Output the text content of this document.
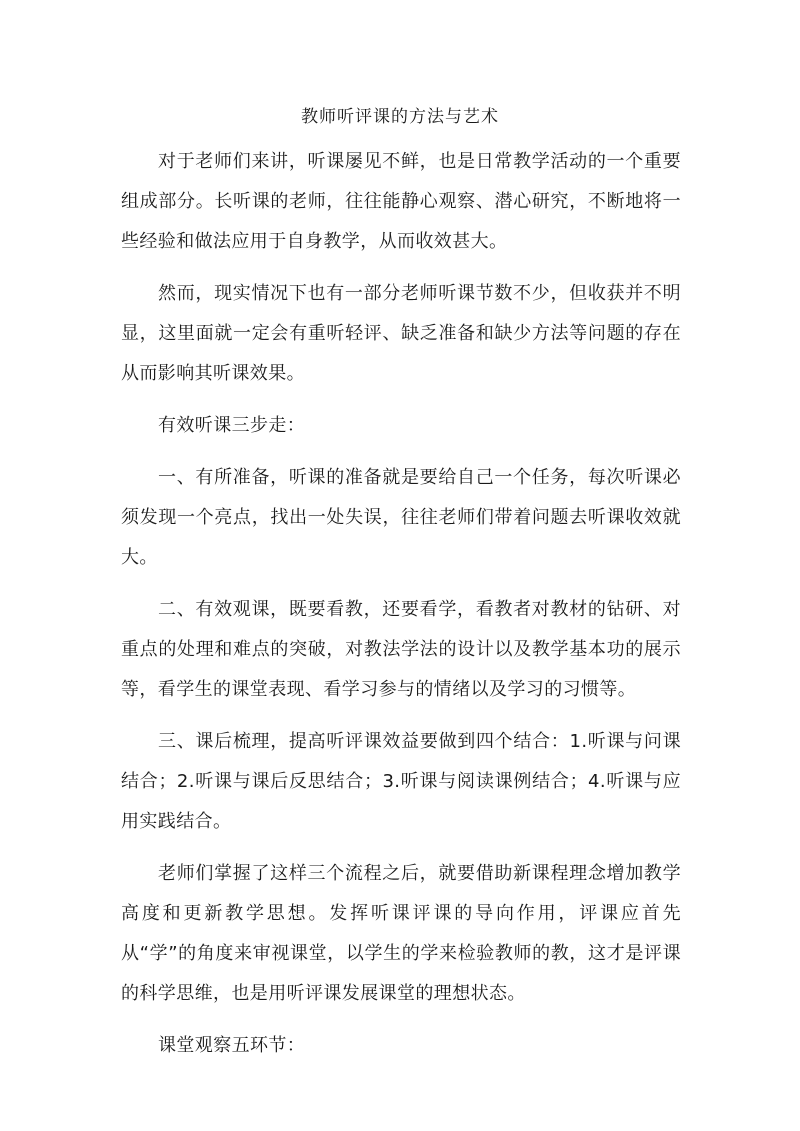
教师听评课的方法与艺术

对于老师们来讲，听课屡见不鲜，也是日常教学活动的一个重要组成部分。长听课的老师，往往能静心观察、潜心研究，不断地将一些经验和做法应用于自身教学，从而收效甚大。

然而，现实情况下也有一部分老师听课节数不少，但收获并不明显，这里面就一定会有重听轻评、缺乏准备和缺少方法等问题的存在从而影响其听课效果。

有效听课三步走：

一、有所准备，听课的准备就是要给自己一个任务，每次听课必须发现一个亮点，找出一处失误，往往老师们带着问题去听课收效就大。

二、有效观课，既要看教，还要看学，看教者对教材的钻研、对重点的处理和难点的突破，对教法学法的设计以及教学基本功的展示等，看学生的课堂表现、看学习参与的情绪以及学习的习惯等。

三、课后梳理，提高听评课效益要做到四个结合：1.听课与问课结合；2.听课与课后反思结合；3.听课与阅读课例结合；4.听课与应用实践结合。

老师们掌握了这样三个流程之后，就要借助新课程理念增加教学高度和更新教学思想。发挥听课评课的导向作用，评课应首先从“学”的角度来审视课堂，以学生的学来检验教师的教，这才是评课的科学思维，也是用听评课发展课堂的理想状态。

课堂观察五环节：
